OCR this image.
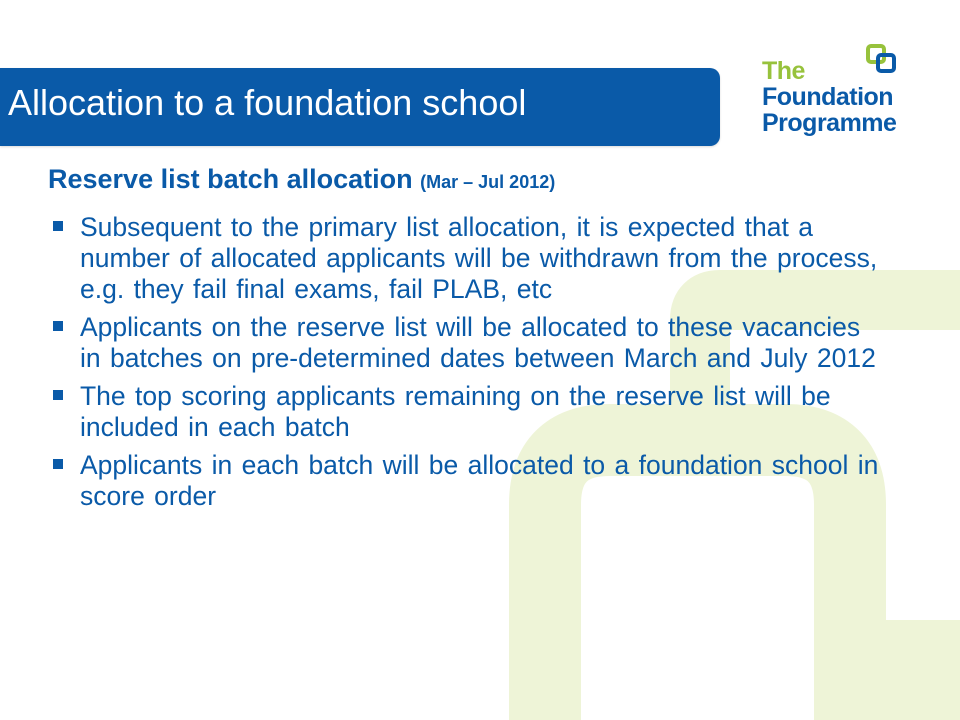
Allocation to a foundation school
The
Foundation
Programme
Reserve list batch allocation (Mar – Jul 2012)
Subsequent to the primary list allocation, it is expected that a number of allocated applicants will be withdrawn from the process, e.g. they fail final exams, fail PLAB, etc
Applicants on the reserve list will be allocated to these vacancies in batches on pre-determined dates between March and July 2012
The top scoring applicants remaining on the reserve list will be included in each batch
Applicants in each batch will be allocated to a foundation school in score order
